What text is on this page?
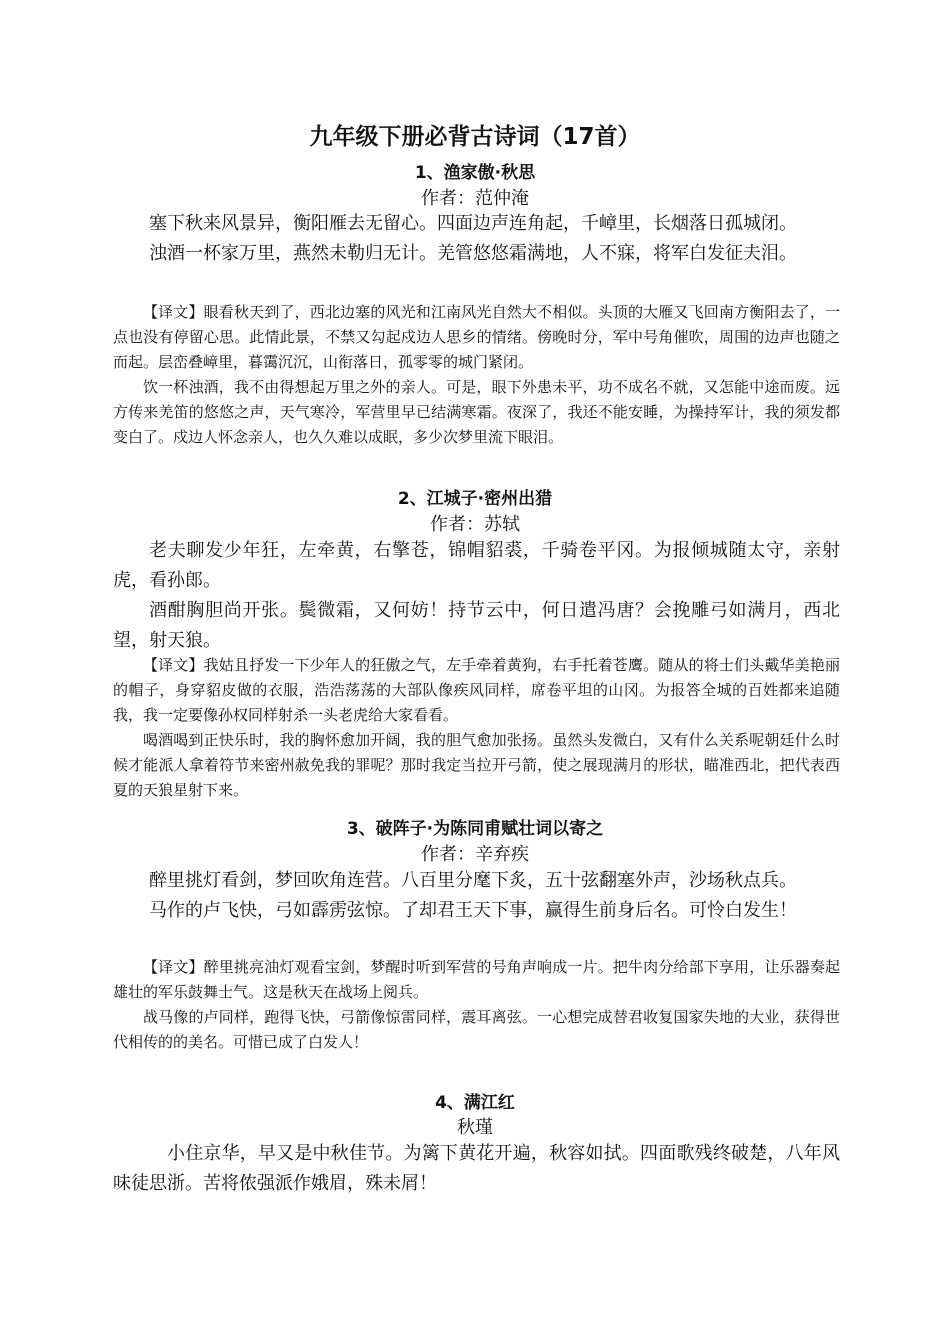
九年级下册必背古诗词（17首）
1、渔家傲·秋思
作者：范仲淹

塞下秋来风景异，衡阳雁去无留心。四面边声连角起，千嶂里，长烟落日孤城闭。

浊酒一杯家万里，燕然未勒归无计。羌管悠悠霜满地，人不寐，将军白发征夫泪。

【译文】眼看秋天到了，西北边塞的风光和江南风光自然大不相似。头顶的大雁又飞回南方衡阳去了，一点也没有停留心思。此情此景，不禁又勾起戍边人思乡的情绪。傍晚时分，军中号角催吹，周围的边声也随之而起。层峦叠嶂里，暮霭沉沉，山衔落日，孤零零的城门紧闭。

饮一杯浊酒，我不由得想起万里之外的亲人。可是，眼下外患未平，功不成名不就，又怎能中途而废。远方传来羌笛的悠悠之声，天气寒冷，军营里早已结满寒霜。夜深了，我还不能安睡，为操持军计，我的须发都变白了。戍边人怀念亲人，也久久难以成眠，多少次梦里流下眼泪。

2、江城子·密州出猎
作者：苏轼

老夫聊发少年狂，左牵黄，右擎苍，锦帽貂裘，千骑卷平冈。为报倾城随太守，亲射虎，看孙郎。

酒酣胸胆尚开张。鬓微霜，又何妨！持节云中，何日遣冯唐？会挽雕弓如满月，西北望，射天狼。

【译文】我姑且抒发一下少年人的狂傲之气，左手牵着黄狗，右手托着苍鹰。随从的将士们头戴华美艳丽的帽子，身穿貂皮做的衣服，浩浩荡荡的大部队像疾风同样，席卷平坦的山冈。为报答全城的百姓都来追随我，我一定要像孙权同样射杀一头老虎给大家看看。

喝酒喝到正快乐时，我的胸怀愈加开阔，我的胆气愈加张扬。虽然头发微白，又有什么关系呢朝廷什么时候才能派人拿着符节来密州赦免我的罪呢？那时我定当拉开弓箭，使之展现满月的形状，瞄准西北，把代表西夏的天狼星射下来。

3、破阵子·为陈同甫赋壮词以寄之
作者：辛弃疾

醉里挑灯看剑，梦回吹角连营。八百里分麾下炙，五十弦翻塞外声，沙场秋点兵。

马作的卢飞快，弓如霹雳弦惊。了却君王天下事，赢得生前身后名。可怜白发生！

【译文】醉里挑亮油灯观看宝剑，梦醒时听到军营的号角声响成一片。把牛肉分给部下享用，让乐器奏起雄壮的军乐鼓舞士气。这是秋天在战场上阅兵。

战马像的卢同样，跑得飞快，弓箭像惊雷同样，震耳离弦。一心想完成替君收复国家失地的大业，获得世代相传的的美名。可惜已成了白发人！

4、满江红
秋瑾

小住京华，早又是中秋佳节。为篱下黄花开遍，秋容如拭。四面歌残终破楚，八年风味徒思浙。苦将侬强派作娥眉，殊未屑！
